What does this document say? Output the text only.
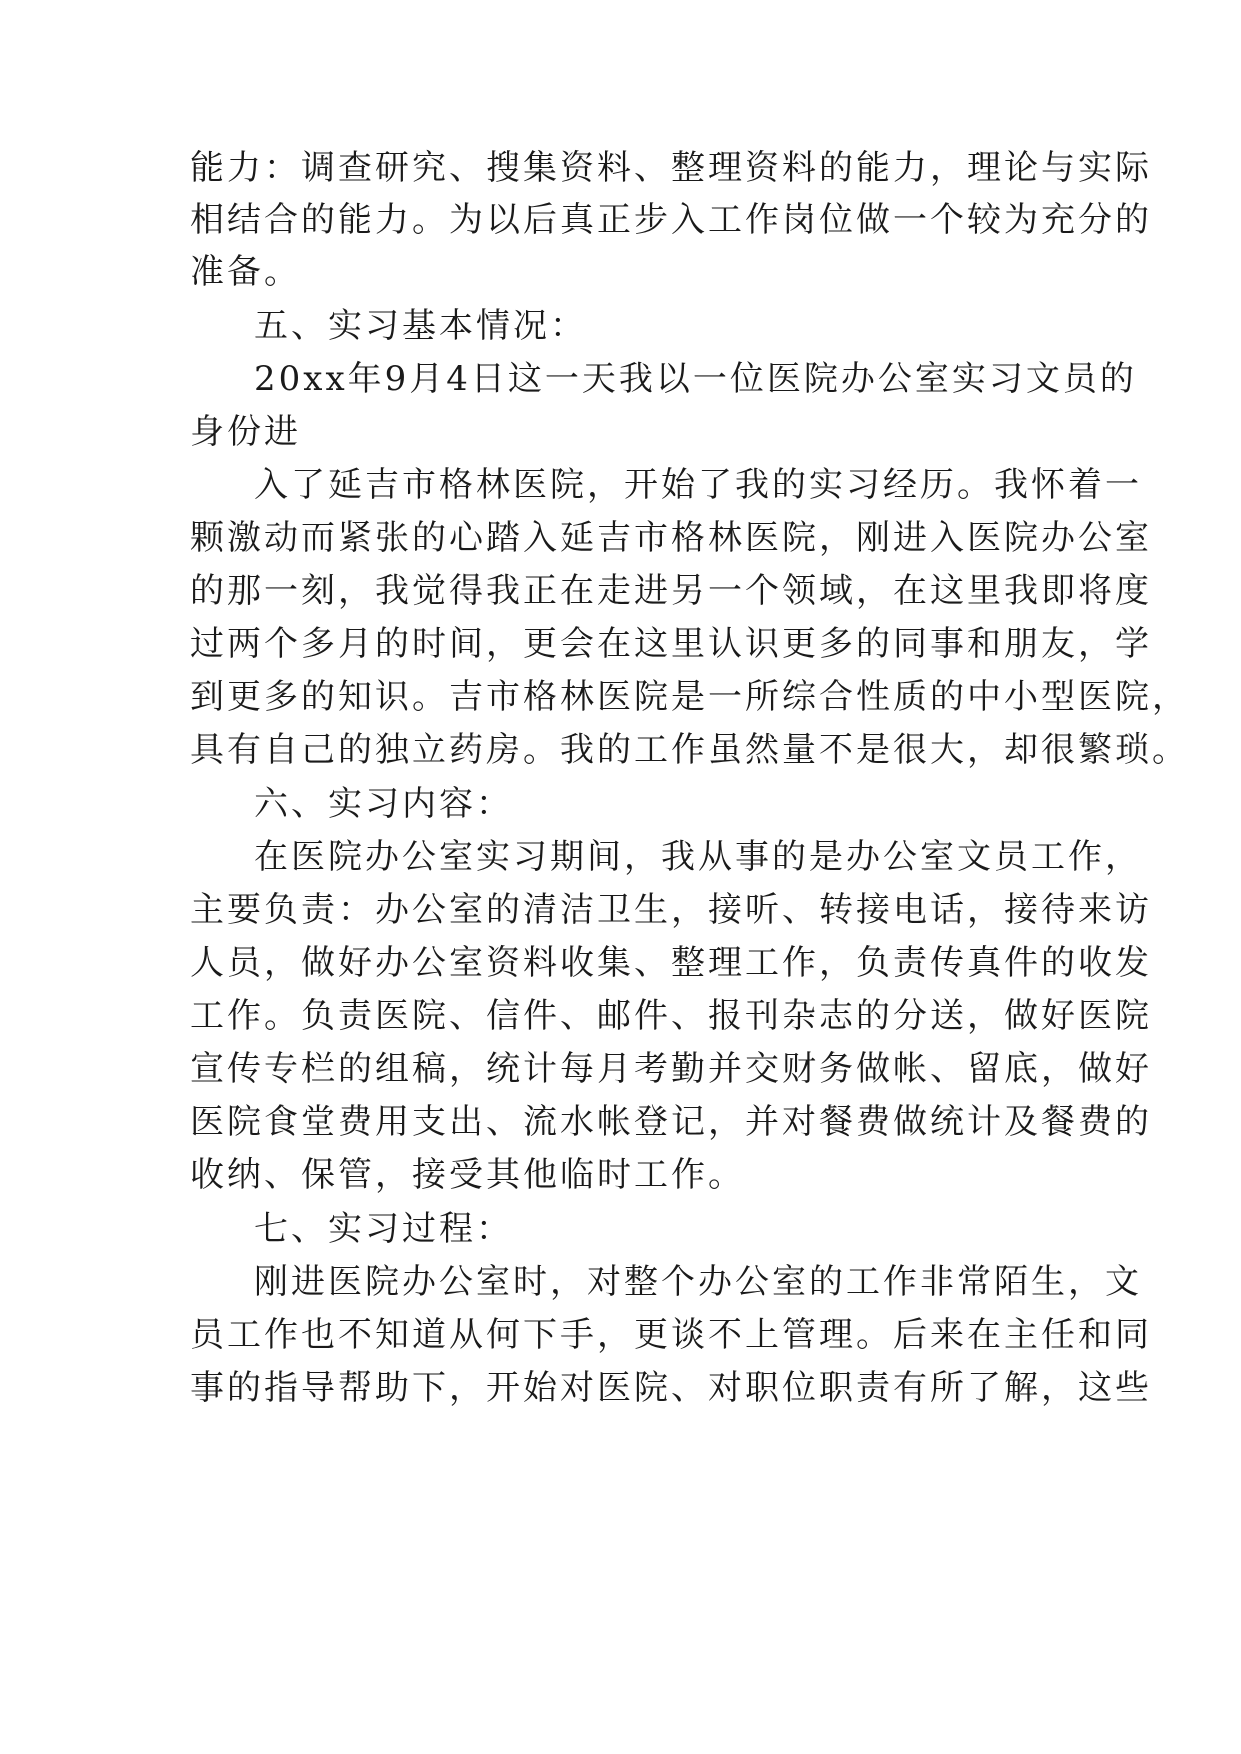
能力：调查研究、搜集资料、整理资料的能力，理论与实际
相结合的能力。为以后真正步入工作岗位做一个较为充分的
准备。
五、实习基本情况：
20xx年9月4日这一天我以一位医院办公室实习文员的
身份进
入了延吉市格林医院，开始了我的实习经历。我怀着一
颗激动而紧张的心踏入延吉市格林医院，刚进入医院办公室
的那一刻，我觉得我正在走进另一个领域，在这里我即将度
过两个多月的时间，更会在这里认识更多的同事和朋友，学
到更多的知识。吉市格林医院是一所综合性质的中小型医院，
具有自己的独立药房。我的工作虽然量不是很大，却很繁琐。
六、实习内容：
在医院办公室实习期间，我从事的是办公室文员工作，
主要负责：办公室的清洁卫生，接听、转接电话，接待来访
人员，做好办公室资料收集、整理工作，负责传真件的收发
工作。负责医院、信件、邮件、报刊杂志的分送，做好医院
宣传专栏的组稿，统计每月考勤并交财务做帐、留底，做好
医院食堂费用支出、流水帐登记，并对餐费做统计及餐费的
收纳、保管，接受其他临时工作。
七、实习过程：
刚进医院办公室时，对整个办公室的工作非常陌生，文
员工作也不知道从何下手，更谈不上管理。后来在主任和同
事的指导帮助下，开始对医院、对职位职责有所了解，这些
